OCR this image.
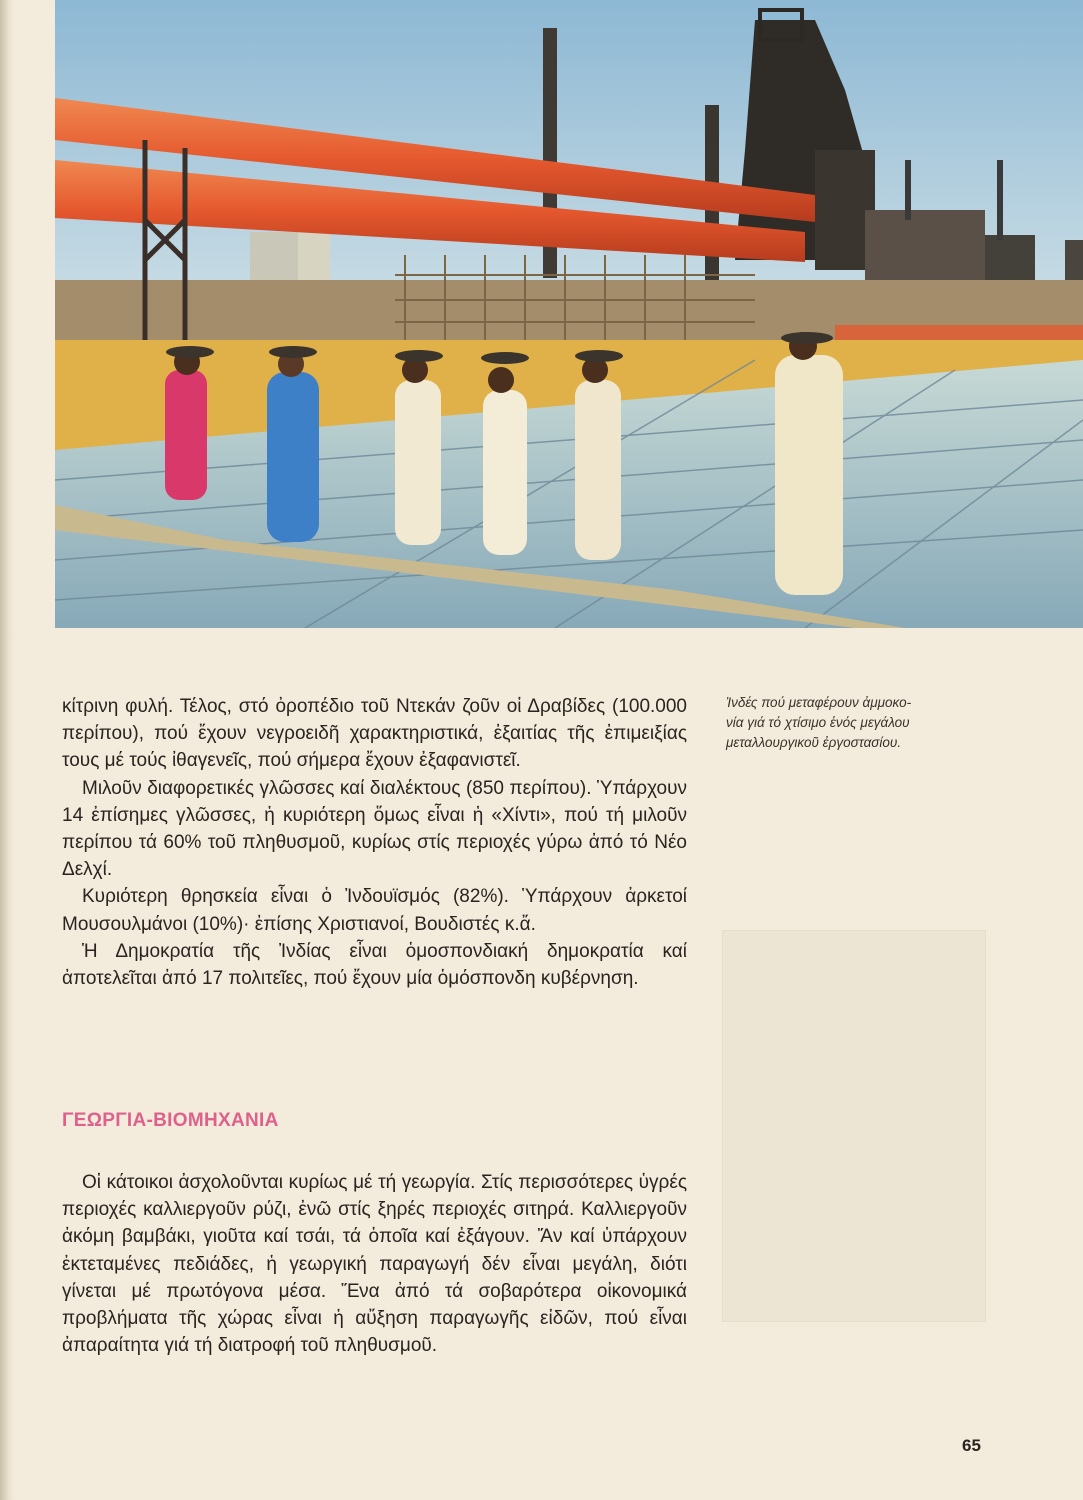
Ἰνδές πού μεταφέρουν ἀμμοκο-
νία γιά τό χτίσιμο ἑνός μεγάλου
μεταλλουργικοῦ ἐργοστασίου.

κίτρινη φυλή. Τέλος, στό ὀροπέδιο τοῦ Ντεκάν ζοῦν οἱ Δραβίδες (100.000 περίπου), πού ἔχουν νεγροειδῆ χαρακτηριστικά, ἐξαιτίας τῆς ἐπιμειξίας τους μέ τούς ἰθαγενεῖς, πού σήμερα ἔχουν ἐξαφανιστεῖ.

Μιλοῦν διαφορετικές γλῶσσες καί διαλέκτους (850 περίπου). Ὑπάρχουν 14 ἐπίσημες γλῶσσες, ἡ κυριότερη ὅμως εἶναι ἡ «Χίντι», πού τή μιλοῦν περίπου τά 60% τοῦ πληθυσμοῦ, κυρίως στίς περιοχές γύρω ἀπό τό Νέο Δελχί.

Κυριότερη θρησκεία εἶναι ὁ Ἰνδουϊσμός (82%). Ὑπάρχουν ἀρκετοί Μουσουλμάνοι (10%)· ἐπίσης Χριστιανοί, Βουδιστές κ.ἄ.

Ἡ Δημοκρατία τῆς Ἰνδίας εἶναι ὁμοσπονδιακή δημοκρατία καί ἀποτελεῖται ἀπό 17 πολιτεῖες, πού ἔχουν μία ὁμόσπονδη κυβέρνηση.

ΓΕΩΡΓΙΑ-ΒΙΟΜΗΧΑΝΙΑ

Οἱ κάτοικοι ἀσχολοῦνται κυρίως μέ τή γεωργία. Στίς περισσότερες ὑγρές περιοχές καλλιεργοῦν ρύζι, ἐνῶ στίς ξηρές περιοχές σιτηρά. Καλλιεργοῦν ἀκόμη βαμβάκι, γιοῦτα καί τσάι, τά ὁποῖα καί ἐξάγουν. Ἄν καί ὑπάρχουν ἐκτεταμένες πεδιάδες, ἡ γεωργική παραγωγή δέν εἶναι μεγάλη, διότι γίνεται μέ πρωτόγονα μέσα. Ἕνα ἀπό τά σοβαρότερα οἰκονομικά προβλήματα τῆς χώρας εἶναι ἡ αὔξηση παραγωγῆς εἰδῶν, πού εἶναι ἀπαραίτητα γιά τή διατροφή τοῦ πληθυσμοῦ.

65
